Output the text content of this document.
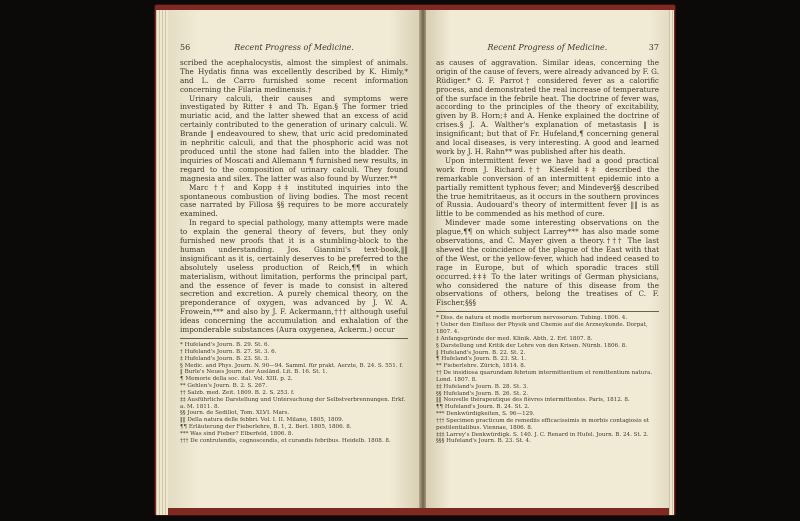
56	Recent Progress of Medicine.

scribed the acephalocystis, almost the simplest of animals. The Hydatis finna was excellently described by K. Himly,* and L. de Carro furnished some recent information concerning the Filaria medinensis.†

Urinary calculi, their causes and symptoms were investigated by Ritter ‡ and Th. Egan.§ The former tried muriatic acid, and the latter shewed that an excess of acid certainly contributed to the generation of urinary calculi. W. Brande ‖ endeavoured to shew, that uric acid predominated in nephritic calculi, and that the phosphoric acid was not produced until the stone had fallen into the bladder. The inquiries of Moscati and Allemann ¶ furnished new results, in regard to the composition of urinary calculi. They found magnesia and silex. The latter was also found by Wurzer.**

Marc †† and Kopp ‡‡ instituted inquiries into the spontaneous combustion of living bodies. The most recent case narrated by Fillosa §§ requires to be more accurately examined.

In regard to special pathology, many attempts were made to explain the general theory of fevers, but they only furnished new proofs that it is a stumbling-block to the human understanding. Jos. Giannini's text-book,‖‖ insignificant as it is, certainly deserves to be preferred to the absolutely useless production of Reich,¶¶ in which materialism, without limitation, performs the principal part, and the essence of fever is made to consist in altered secretion and excretion. A purely chemical theory, on the preponderance of oxygen, was advanced by J. W. A. Frowein,*** and also by J. F. Ackermann,††† although useful ideas concerning the accumulation and exhalation of the imponderable substances (Aura oxygenea, Ackerm.) occur

* Hufeland's Journ. B. 29. St. 6.
† Hufeland's Journ. B. 27. St. 3. 6.
‡ Hufeland's Journ. B. 23. St. 3.
§ Medic. and Phys. Journ. N. 90—94. Samml. für prakt. Aerzte, B. 24. S. 551. f.
‖ Burle's Neues Journ. der Ausländ. Lit. B. 16. St. 1.
¶ Memorie della soc. ital. Vol. XIII. p. 2.
** Gehlen's Journ. B. 2. S. 267.
†† Salzb. med. Zeit. 1809. B. 2. S. 253. f.
‡‡ Ausführliche Darstellung und Untersuchung der Selbstverbrennungen. Erkf. a. M. 1811. 8.
§§ Journ. de Sedillot, Tom. XLVI. Mars.
‖‖ Della natura delle febbri. Vol. I. II. Milano, 1805, 1809.
¶¶ Erläuterung der Fieberlehre, B. 1, 2. Berl. 1805, 1806. 8.
*** Was sind Fieber? Elberfeld, 1806. 8.
††† De contrutendis, cognoscendis, et curandis febribus. Heidelb. 1808. 8.
Recent Progress of Medicine.	37

as causes of aggravation. Similar ideas, concerning the origin of the cause of fevers, were already advanced by F. G. Rüdiger.* G. F. Parrot† considered fever as a calorific process, and demonstrated the real increase of temperature of the surface in the febrile heat. The doctrine of fever was, according to the principles of the theory of excitability, given by B. Horn;‡ and A. Henke explained the doctrine of crises.§ J. A. Walther's explanation of metastasis ‖ is insignificant; but that of Fr. Hufeland,¶ concerning general and local diseases, is very interesting. A good and learned work by J. H. Rahn** was published after his death.

Upon intermittent fever we have had a good practical work from J. Richard.†† Kiesfeld ‡‡ described the remarkable conversion of an intermittent epidemic into a partially remittent typhous fever; and Mindever§§ described the true hemitritaeus, as it occurs in the southern provinces of Russia. Audouard's theory of intermittent fever ‖‖ is as little to be commended as his method of cure.

Mindever made some interesting observations on the plague,¶¶ on which subject Larrey*** has also made some observations, and C. Mayer given a theory.††† The last shewed the coincidence of the plague of the East with that of the West, or the yellow-fever, which had indeed ceased to rage in Europe, but of which sporadic traces still occurred.‡‡‡ To the later writings of German physicians, who considered the nature of this disease from the observations of others, belong the treatises of C. F. Fischer,§§§

* Diss. de natura et modis morborum nervosorum. Tubing. 1806. 4.
† Ueber den Einfluss der Physik und Chemie auf die Arzneykunde. Dorpat, 1807. 4.
‡ Anfangsgründe der med. Klinik. Abth. 2. Erf. 1807. 8.
§ Darstellung und Kritik der Lehre von den Krisen. Nürnb. 1806. 8.
‖ Hufeland's Journ. B. 22. St. 2.
¶ Hufeland's Journ. B. 23. St. 1.
** Fieberlehre. Zürich, 1814. 8.
†† De insidiosa quarundam febrium intermittentium et remittentium natura. Lond. 1807. 8.
‡‡ Hufeland's Journ. B. 28. St. 3.
§§ Hufeland's Journ. B. 26. St. 2.
‖‖ Nouvelle thérapeutique des fièvres intermittentes. Paris, 1812. 8.
¶¶ Hufeland's Journ. B. 24. St. 2.
*** Denkwürdigkeiten, S. 96—129.
††† Specimen practicum de remediis efficacissimis in morbis contagiosis et pestilentialibus. Viennae, 1806. 8.
‡‡‡ Larrey's Denkwürdigk. S. 140. J. C. Renard in Hufel. Journ. B. 24. St. 2.
§§§ Hufeland's Journ. B. 23. St. 4.
